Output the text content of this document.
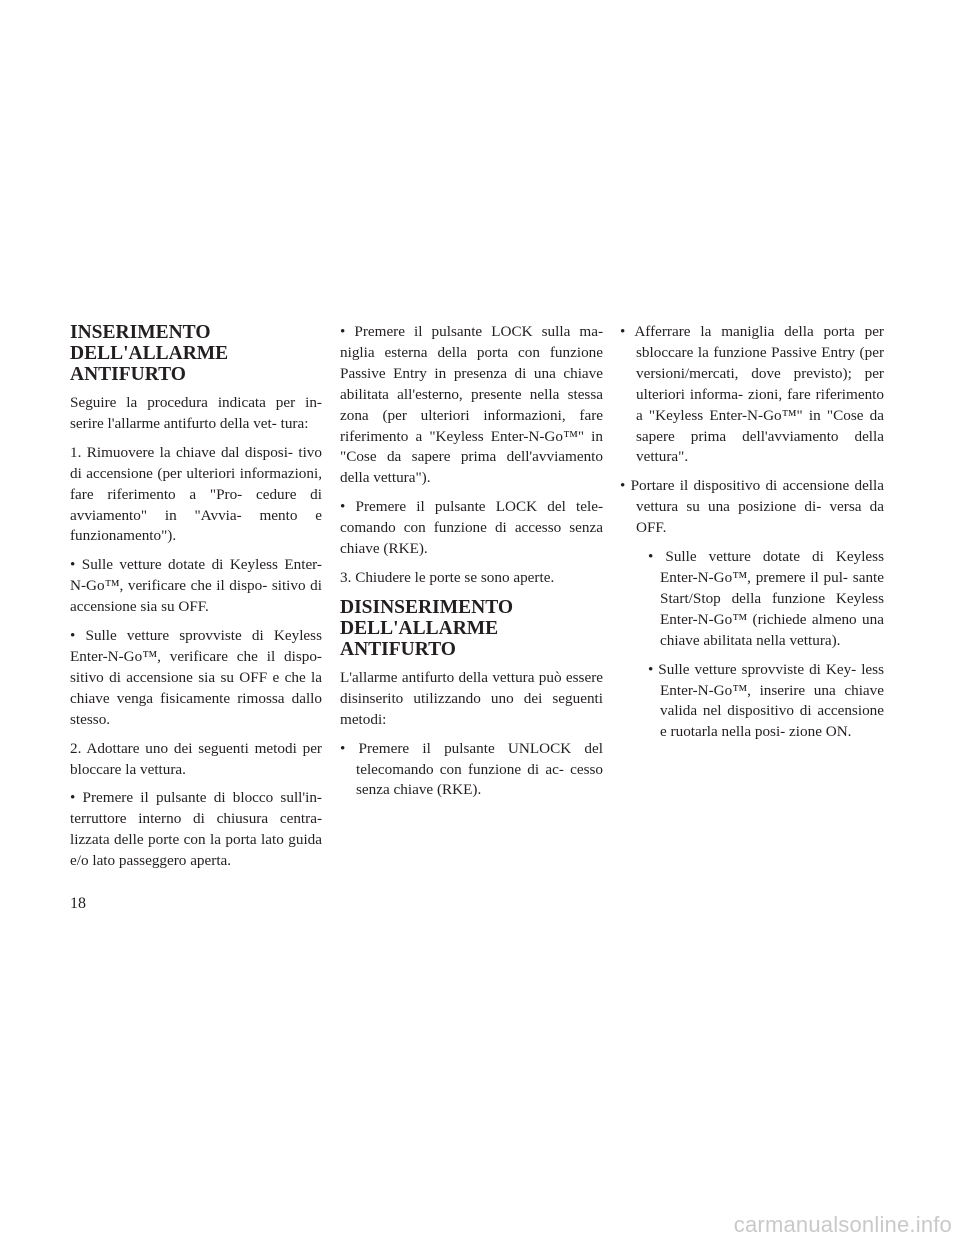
INSERIMENTO
DELL'ALLARME
ANTIFURTO

Seguire la procedura indicata per in- serire l'allarme antifurto della vet- tura:

1. Rimuovere la chiave dal disposi- tivo di accensione (per ulteriori informazioni, fare riferimento a "Pro- cedure di avviamento" in "Avvia- mento e funzionamento").

• Sulle vetture dotate di Keyless Enter-N-Go™, verificare che il dispo- sitivo di accensione sia su OFF.

• Sulle vetture sprovviste di Keyless Enter-N-Go™, verificare che il dispo- sitivo di accensione sia su OFF e che la chiave venga fisicamente rimossa dallo stesso.

2. Adottare uno dei seguenti metodi per bloccare la vettura.

• Premere il pulsante di blocco sull'in- terruttore interno di chiusura centra- lizzata delle porte con la porta lato guida e/o lato passeggero aperta.

• Premere il pulsante LOCK sulla ma- niglia esterna della porta con funzione Passive Entry in presenza di una chiave abilitata all'esterno, presente nella stessa zona (per ulteriori informazioni, fare riferimento a "Keyless Enter-N-Go™" in "Cose da sapere prima dell'avviamento della vettura").

• Premere il pulsante LOCK del tele- comando con funzione di accesso senza chiave (RKE).

3. Chiudere le porte se sono aperte.

DISINSERIMENTO
DELL'ALLARME
ANTIFURTO

L'allarme antifurto della vettura può essere disinserito utilizzando uno dei seguenti metodi:

• Premere il pulsante UNLOCK del telecomando con funzione di ac- cesso senza chiave (RKE).

• Afferrare la maniglia della porta per sbloccare la funzione Passive Entry (per versioni/mercati, dove previsto); per ulteriori informa- zioni, fare riferimento a "Keyless Enter-N-Go™" in "Cose da sapere prima dell'avviamento della vettura".

• Portare il dispositivo di accensione della vettura su una posizione di- versa da OFF.

• Sulle vetture dotate di Keyless Enter-N-Go™, premere il pul- sante Start/Stop della funzione Keyless Enter-N-Go™ (richiede almeno una chiave abilitata nella vettura).

• Sulle vetture sprovviste di Key- less Enter-N-Go™, inserire una chiave valida nel dispositivo di accensione e ruotarla nella posi- zione ON.

18
carmanualsonline.info
